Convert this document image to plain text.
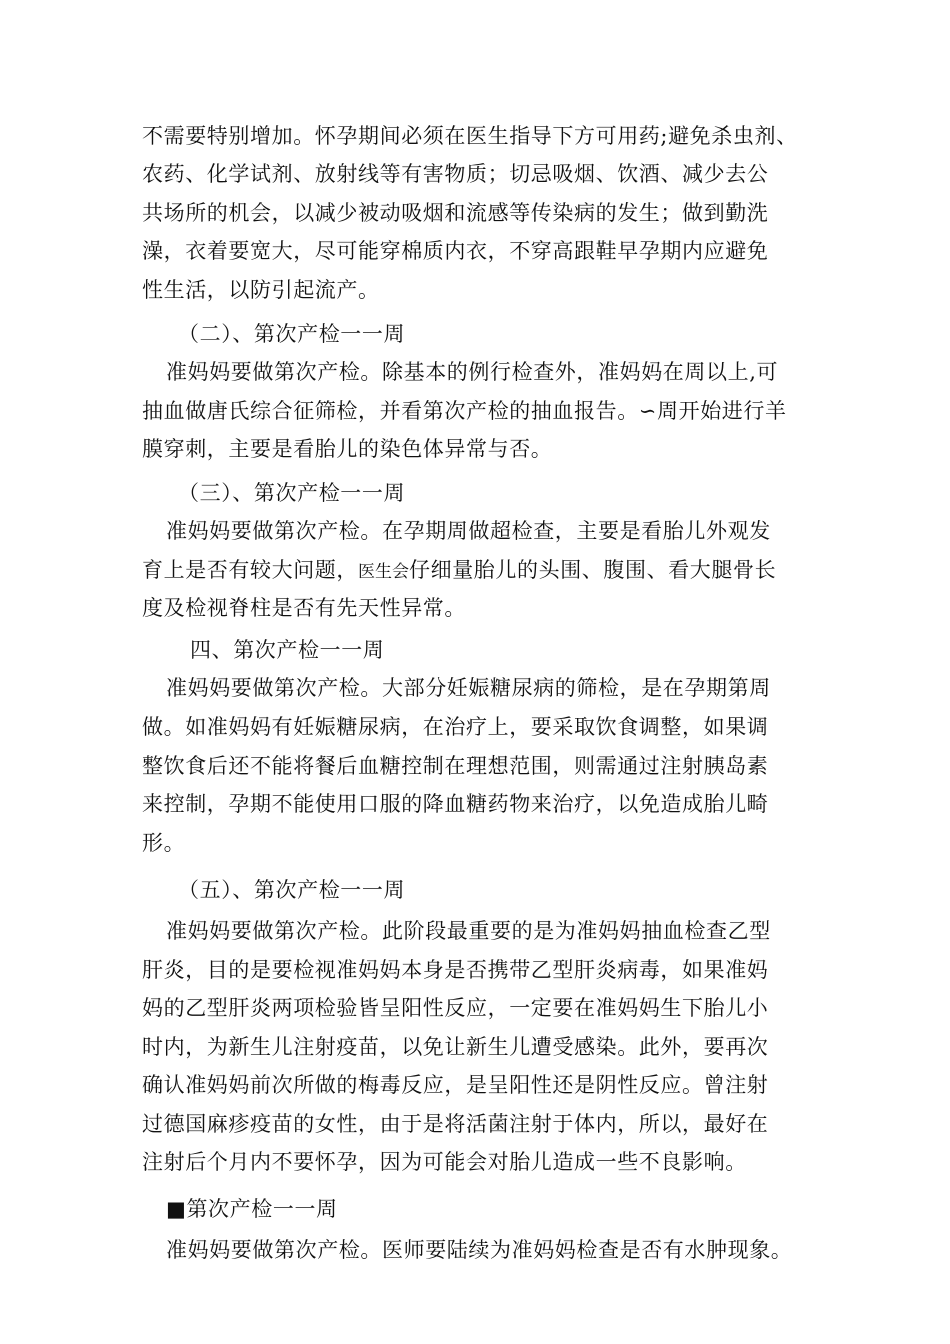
不需要特别增加。怀孕期间必须在医生指导下方可用药;避免杀虫剂、
农药、化学试剂、放射线等有害物质；切忌吸烟、饮酒、减少去公
共场所的机会，以减少被动吸烟和流感等传染病的发生；做到勤洗
澡，衣着要宽大，尽可能穿棉质内衣，不穿高跟鞋早孕期内应避免
性生活，以防引起流产。
（二）、第次产检一一周
准妈妈要做第次产检。除基本的例行检查外，准妈妈在周以上,可
抽血做唐氏综合征筛检，并看第次产检的抽血报告。∽周开始进行羊
膜穿刺，主要是看胎儿的染色体异常与否。
（三）、第次产检一一周
准妈妈要做第次产检。在孕期周做超检查，主要是看胎儿外观发
育上是否有较大问题，医生会仔细量胎儿的头围、腹围、看大腿骨长
度及检视脊柱是否有先天性异常。
四、第次产检一一周
准妈妈要做第次产检。大部分妊娠糖尿病的筛检，是在孕期第周
做。如准妈妈有妊娠糖尿病，在治疗上，要采取饮食调整，如果调
整饮食后还不能将餐后血糖控制在理想范围，则需通过注射胰岛素
来控制，孕期不能使用口服的降血糖药物来治疗，以免造成胎儿畸
形。
（五）、第次产检一一周
准妈妈要做第次产检。此阶段最重要的是为准妈妈抽血检查乙型
肝炎，目的是要检视准妈妈本身是否携带乙型肝炎病毒，如果准妈
妈的乙型肝炎两项检验皆呈阳性反应，一定要在准妈妈生下胎儿小
时内，为新生儿注射疫苗，以免让新生儿遭受感染。此外，要再次
确认准妈妈前次所做的梅毒反应，是呈阳性还是阴性反应。曾注射
过德国麻疹疫苗的女性，由于是将活菌注射于体内，所以，最好在
注射后个月内不要怀孕，因为可能会对胎儿造成一些不良影响。
■第次产检一一周
准妈妈要做第次产检。医师要陆续为准妈妈检查是否有水肿现象。
